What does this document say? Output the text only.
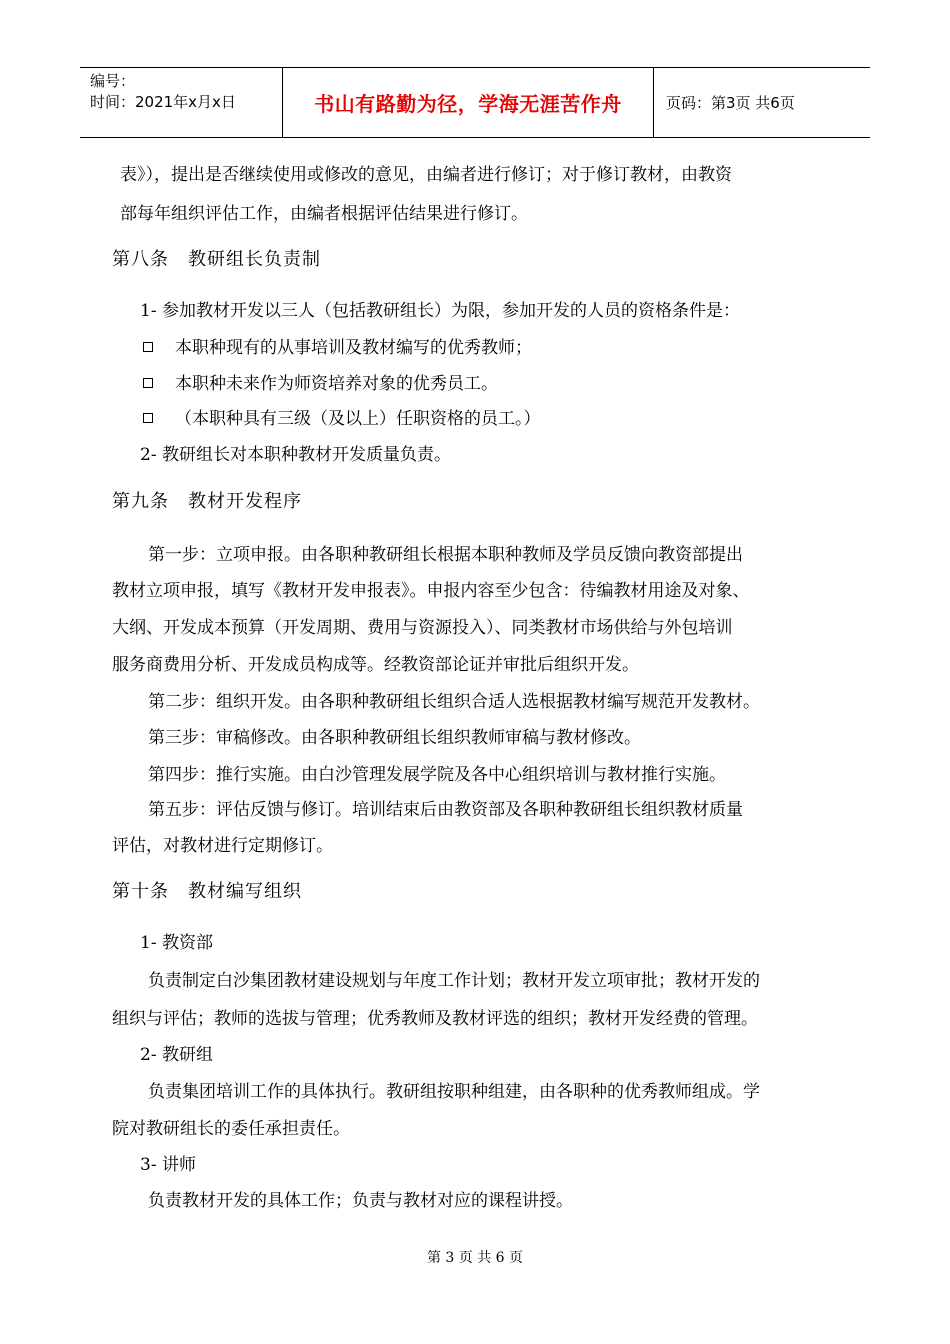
编号：
时间：2021年x月x日	书山有路勤为径，学海无涯苦作舟	页码：第3页 共6页
表》），提出是否继续使用或修改的意见，由编者进行修订；对于修订教材，由教资
部每年组织评估工作，由编者根据评估结果进行修订。
第八条　教研组长负责制
1- 参加教材开发以三人（包括教研组长）为限，参加开发的人员的资格条件是：
本职种现有的从事培训及教材编写的优秀教师；
本职种未来作为师资培养对象的优秀员工。
（本职种具有三级（及以上）任职资格的员工。）
2- 教研组长对本职种教材开发质量负责。
第九条　教材开发程序
第一步：立项申报。由各职种教研组长根据本职种教师及学员反馈向教资部提出
教材立项申报，填写《教材开发申报表》。申报内容至少包含：待编教材用途及对象、
大纲、开发成本预算（开发周期、费用与资源投入）、同类教材市场供给与外包培训
服务商费用分析、开发成员构成等。经教资部论证并审批后组织开发。
第二步：组织开发。由各职种教研组长组织合适人选根据教材编写规范开发教材。
第三步：审稿修改。由各职种教研组长组织教师审稿与教材修改。
第四步：推行实施。由白沙管理发展学院及各中心组织培训与教材推行实施。
第五步：评估反馈与修订。培训结束后由教资部及各职种教研组长组织教材质量
评估，对教材进行定期修订。
第十条　教材编写组织
1- 教资部
负责制定白沙集团教材建设规划与年度工作计划；教材开发立项审批；教材开发的
组织与评估；教师的选拔与管理；优秀教师及教材评选的组织；教材开发经费的管理。
2- 教研组
负责集团培训工作的具体执行。教研组按职种组建，由各职种的优秀教师组成。学
院对教研组长的委任承担责任。
3- 讲师
负责教材开发的具体工作；负责与教材对应的课程讲授。
第 3 页 共 6 页
